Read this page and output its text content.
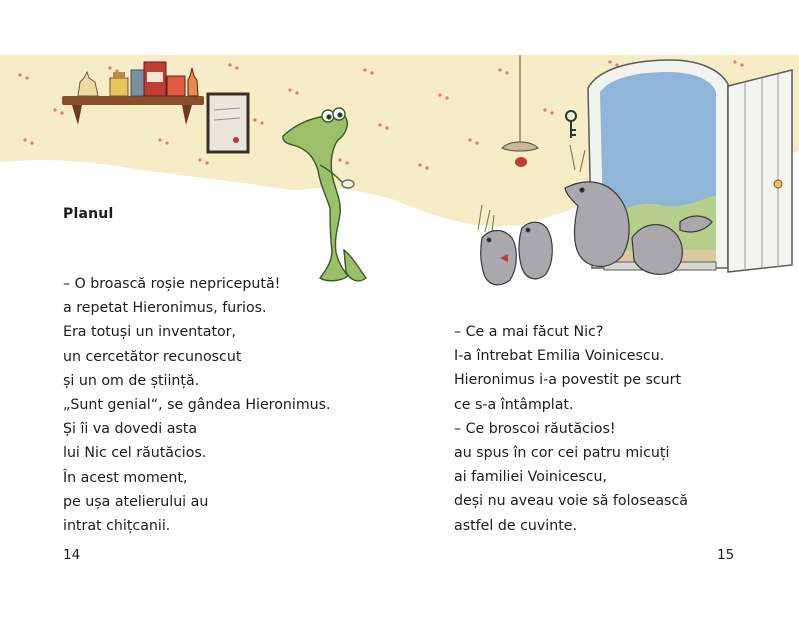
Planul
– O broască roșie nepricepută!
a repetat Hieronimus, furios.
Era totuși un inventator,
un cercetător recunoscut
și un om de știință.
„Sunt genial“, se gândea Hieronimus.
Și îi va dovedi asta
lui Nic cel răutăcios.
În acest moment,
pe ușa atelierului au
intrat chițcanii.
– Ce a mai făcut Nic?
I-a întrebat Emilia Voinicescu.
Hieronimus i-a povestit pe scurt
ce s-a întâmplat.
– Ce broscoi răutăcios!
au spus în cor cei patru micuți
ai familiei Voinicescu,
deși nu aveau voie să folosească
astfel de cuvinte.
14	15
